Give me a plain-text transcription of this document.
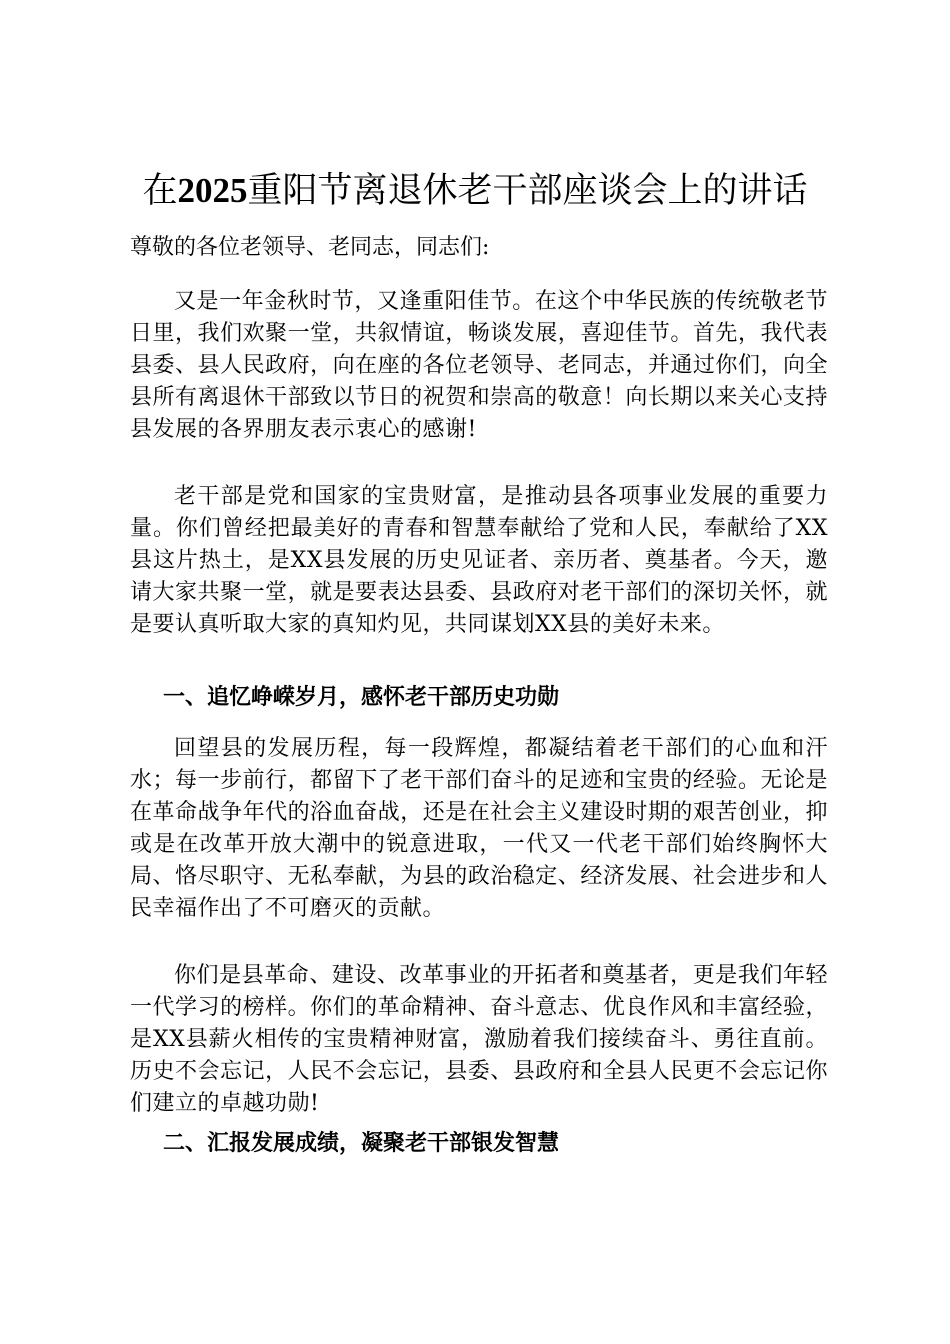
在2025重阳节离退休老干部座谈会上的讲话

尊敬的各位老领导、老同志，同志们:

又是一年金秋时节，又逢重阳佳节。在这个中华民族的传统敬老节日里，我们欢聚一堂，共叙情谊，畅谈发展，喜迎佳节。首先，我代表县委、县人民政府，向在座的各位老领导、老同志，并通过你们，向全县所有离退休干部致以节日的祝贺和崇高的敬意！向长期以来关心支持县发展的各界朋友表示衷心的感谢!

老干部是党和国家的宝贵财富，是推动县各项事业发展的重要力量。你们曾经把最美好的青春和智慧奉献给了党和人民，奉献给了XX县这片热土，是XX县发展的历史见证者、亲历者、奠基者。今天，邀请大家共聚一堂，就是要表达县委、县政府对老干部们的深切关怀，就是要认真听取大家的真知灼见，共同谋划XX县的美好未来。

一、追忆峥嵘岁月，感怀老干部历史功勋

回望县的发展历程，每一段辉煌，都凝结着老干部们的心血和汗水；每一步前行，都留下了老干部们奋斗的足迹和宝贵的经验。无论是在革命战争年代的浴血奋战，还是在社会主义建设时期的艰苦创业，抑或是在改革开放大潮中的锐意进取，一代又一代老干部们始终胸怀大局、恪尽职守、无私奉献，为县的政治稳定、经济发展、社会进步和人民幸福作出了不可磨灭的贡献。

你们是县革命、建设、改革事业的开拓者和奠基者，更是我们年轻一代学习的榜样。你们的革命精神、奋斗意志、优良作风和丰富经验，是XX县薪火相传的宝贵精神财富，激励着我们接续奋斗、勇往直前。历史不会忘记，人民不会忘记，县委、县政府和全县人民更不会忘记你们建立的卓越功勋!

二、汇报发展成绩，凝聚老干部银发智慧
